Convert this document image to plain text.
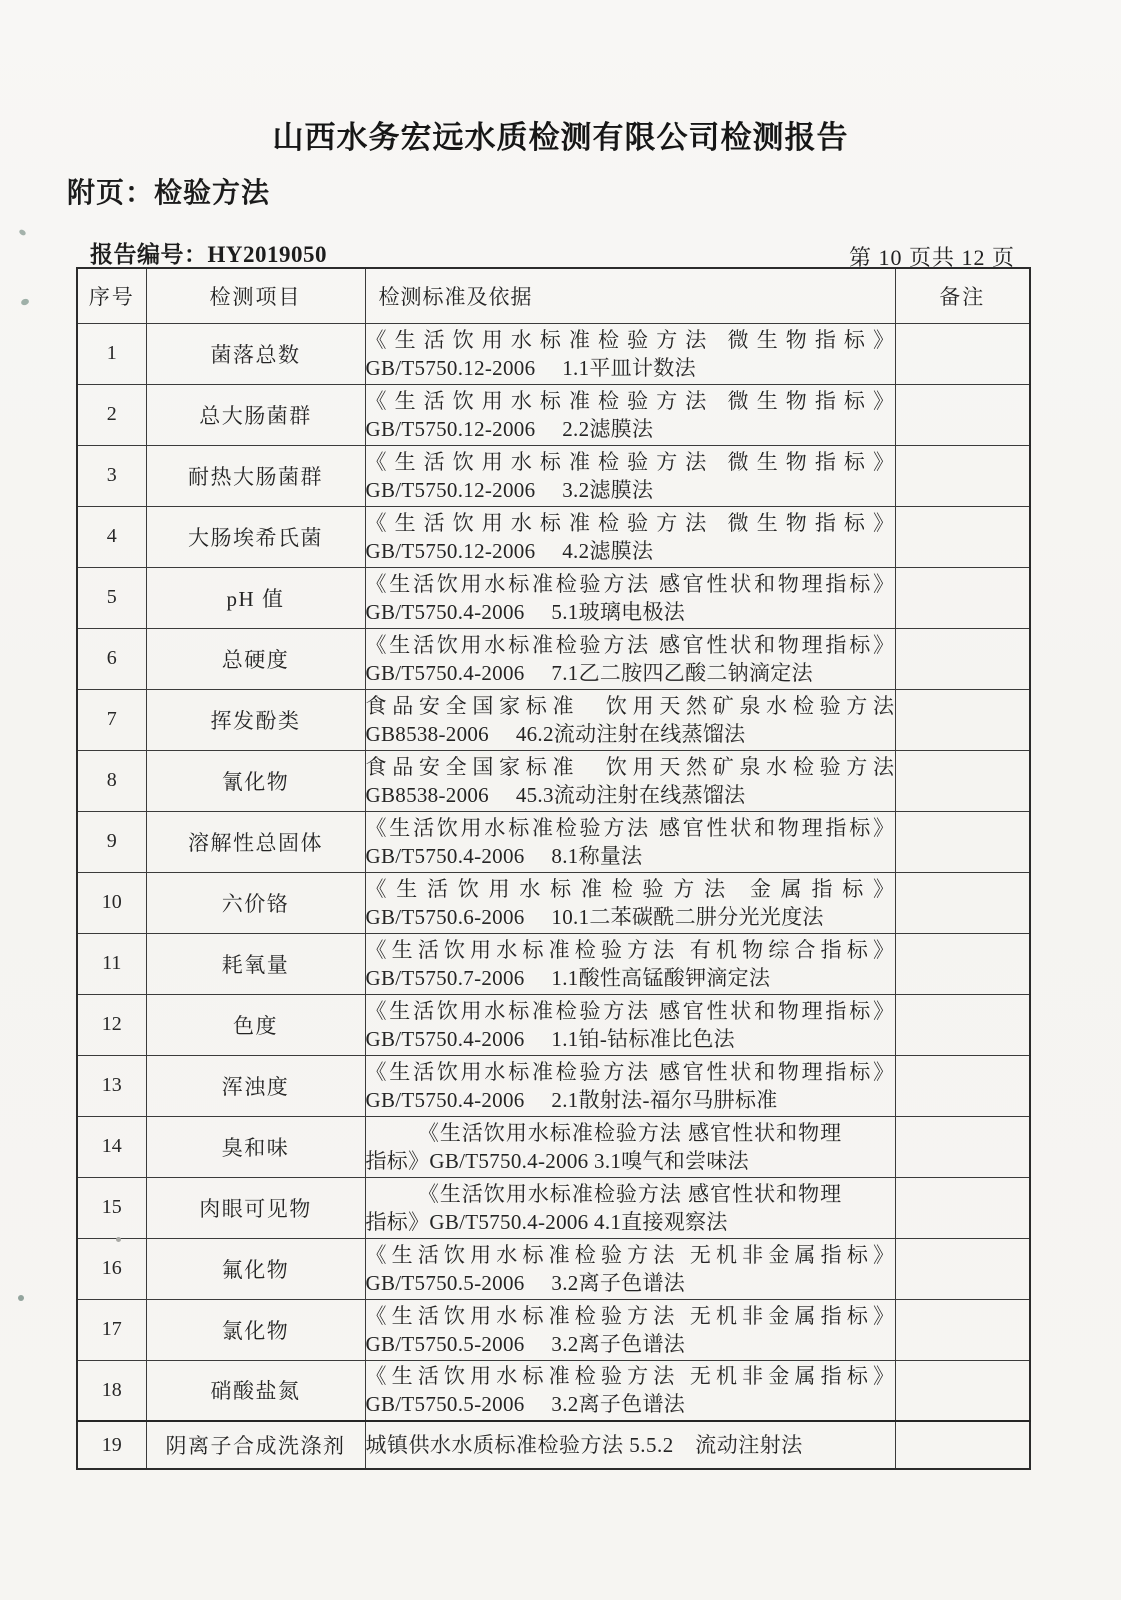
山西水务宏远水质检测有限公司检测报告
附页：检验方法
报告编号：HY2019050	第 10 页共 12 页
序号	检测项目	检测标准及依据	备注
1	菌落总数	《生活饮用水标准检验方法 微生物指标》
GB/T5750.12-2006　 1.1平皿计数法	

2	总大肠菌群	《生活饮用水标准检验方法 微生物指标》
GB/T5750.12-2006　 2.2滤膜法	

3	耐热大肠菌群	《生活饮用水标准检验方法 微生物指标》
GB/T5750.12-2006　 3.2滤膜法	

4	大肠埃希氏菌	《生活饮用水标准检验方法 微生物指标》
GB/T5750.12-2006　 4.2滤膜法	

5	pH 值	《生活饮用水标准检验方法 感官性状和物理指标》
GB/T5750.4-2006　 5.1玻璃电极法	

6	总硬度	《生活饮用水标准检验方法 感官性状和物理指标》
GB/T5750.4-2006　 7.1乙二胺四乙酸二钠滴定法	

7	挥发酚类	食品安全国家标准　饮用天然矿泉水检验方法
GB8538-2006　 46.2流动注射在线蒸馏法	

8	氰化物	食品安全国家标准　饮用天然矿泉水检验方法
GB8538-2006　 45.3流动注射在线蒸馏法	

9	溶解性总固体	《生活饮用水标准检验方法 感官性状和物理指标》
GB/T5750.4-2006　 8.1称量法	

10	六价铬	《生活饮用水标准检验方法 金属指标》
GB/T5750.6-2006　 10.1二苯碳酰二肼分光光度法	

11	耗氧量	《生活饮用水标准检验方法 有机物综合指标》
GB/T5750.7-2006　 1.1酸性高锰酸钾滴定法	

12	色度	《生活饮用水标准检验方法 感官性状和物理指标》
GB/T5750.4-2006　 1.1铂-钴标准比色法	

13	浑浊度	《生活饮用水标准检验方法 感官性状和物理指标》
GB/T5750.4-2006　 2.1散射法-福尔马肼标准	

14	臭和味	《生活饮用水标准检验方法 感官性状和物理
指标》GB/T5750.4-2006 3.1嗅气和尝味法	

15	肉眼可见物	《生活饮用水标准检验方法 感官性状和物理
指标》GB/T5750.4-2006 4.1直接观察法	

16	氟化物	《生活饮用水标准检验方法 无机非金属指标》
GB/T5750.5-2006　 3.2离子色谱法	

17	氯化物	《生活饮用水标准检验方法 无机非金属指标》
GB/T5750.5-2006　 3.2离子色谱法	

18	硝酸盐氮	《生活饮用水标准检验方法 无机非金属指标》
GB/T5750.5-2006　 3.2离子色谱法	

19	阴离子合成洗涤剂	城镇供水水质标准检验方法 5.5.2　流动注射法	
